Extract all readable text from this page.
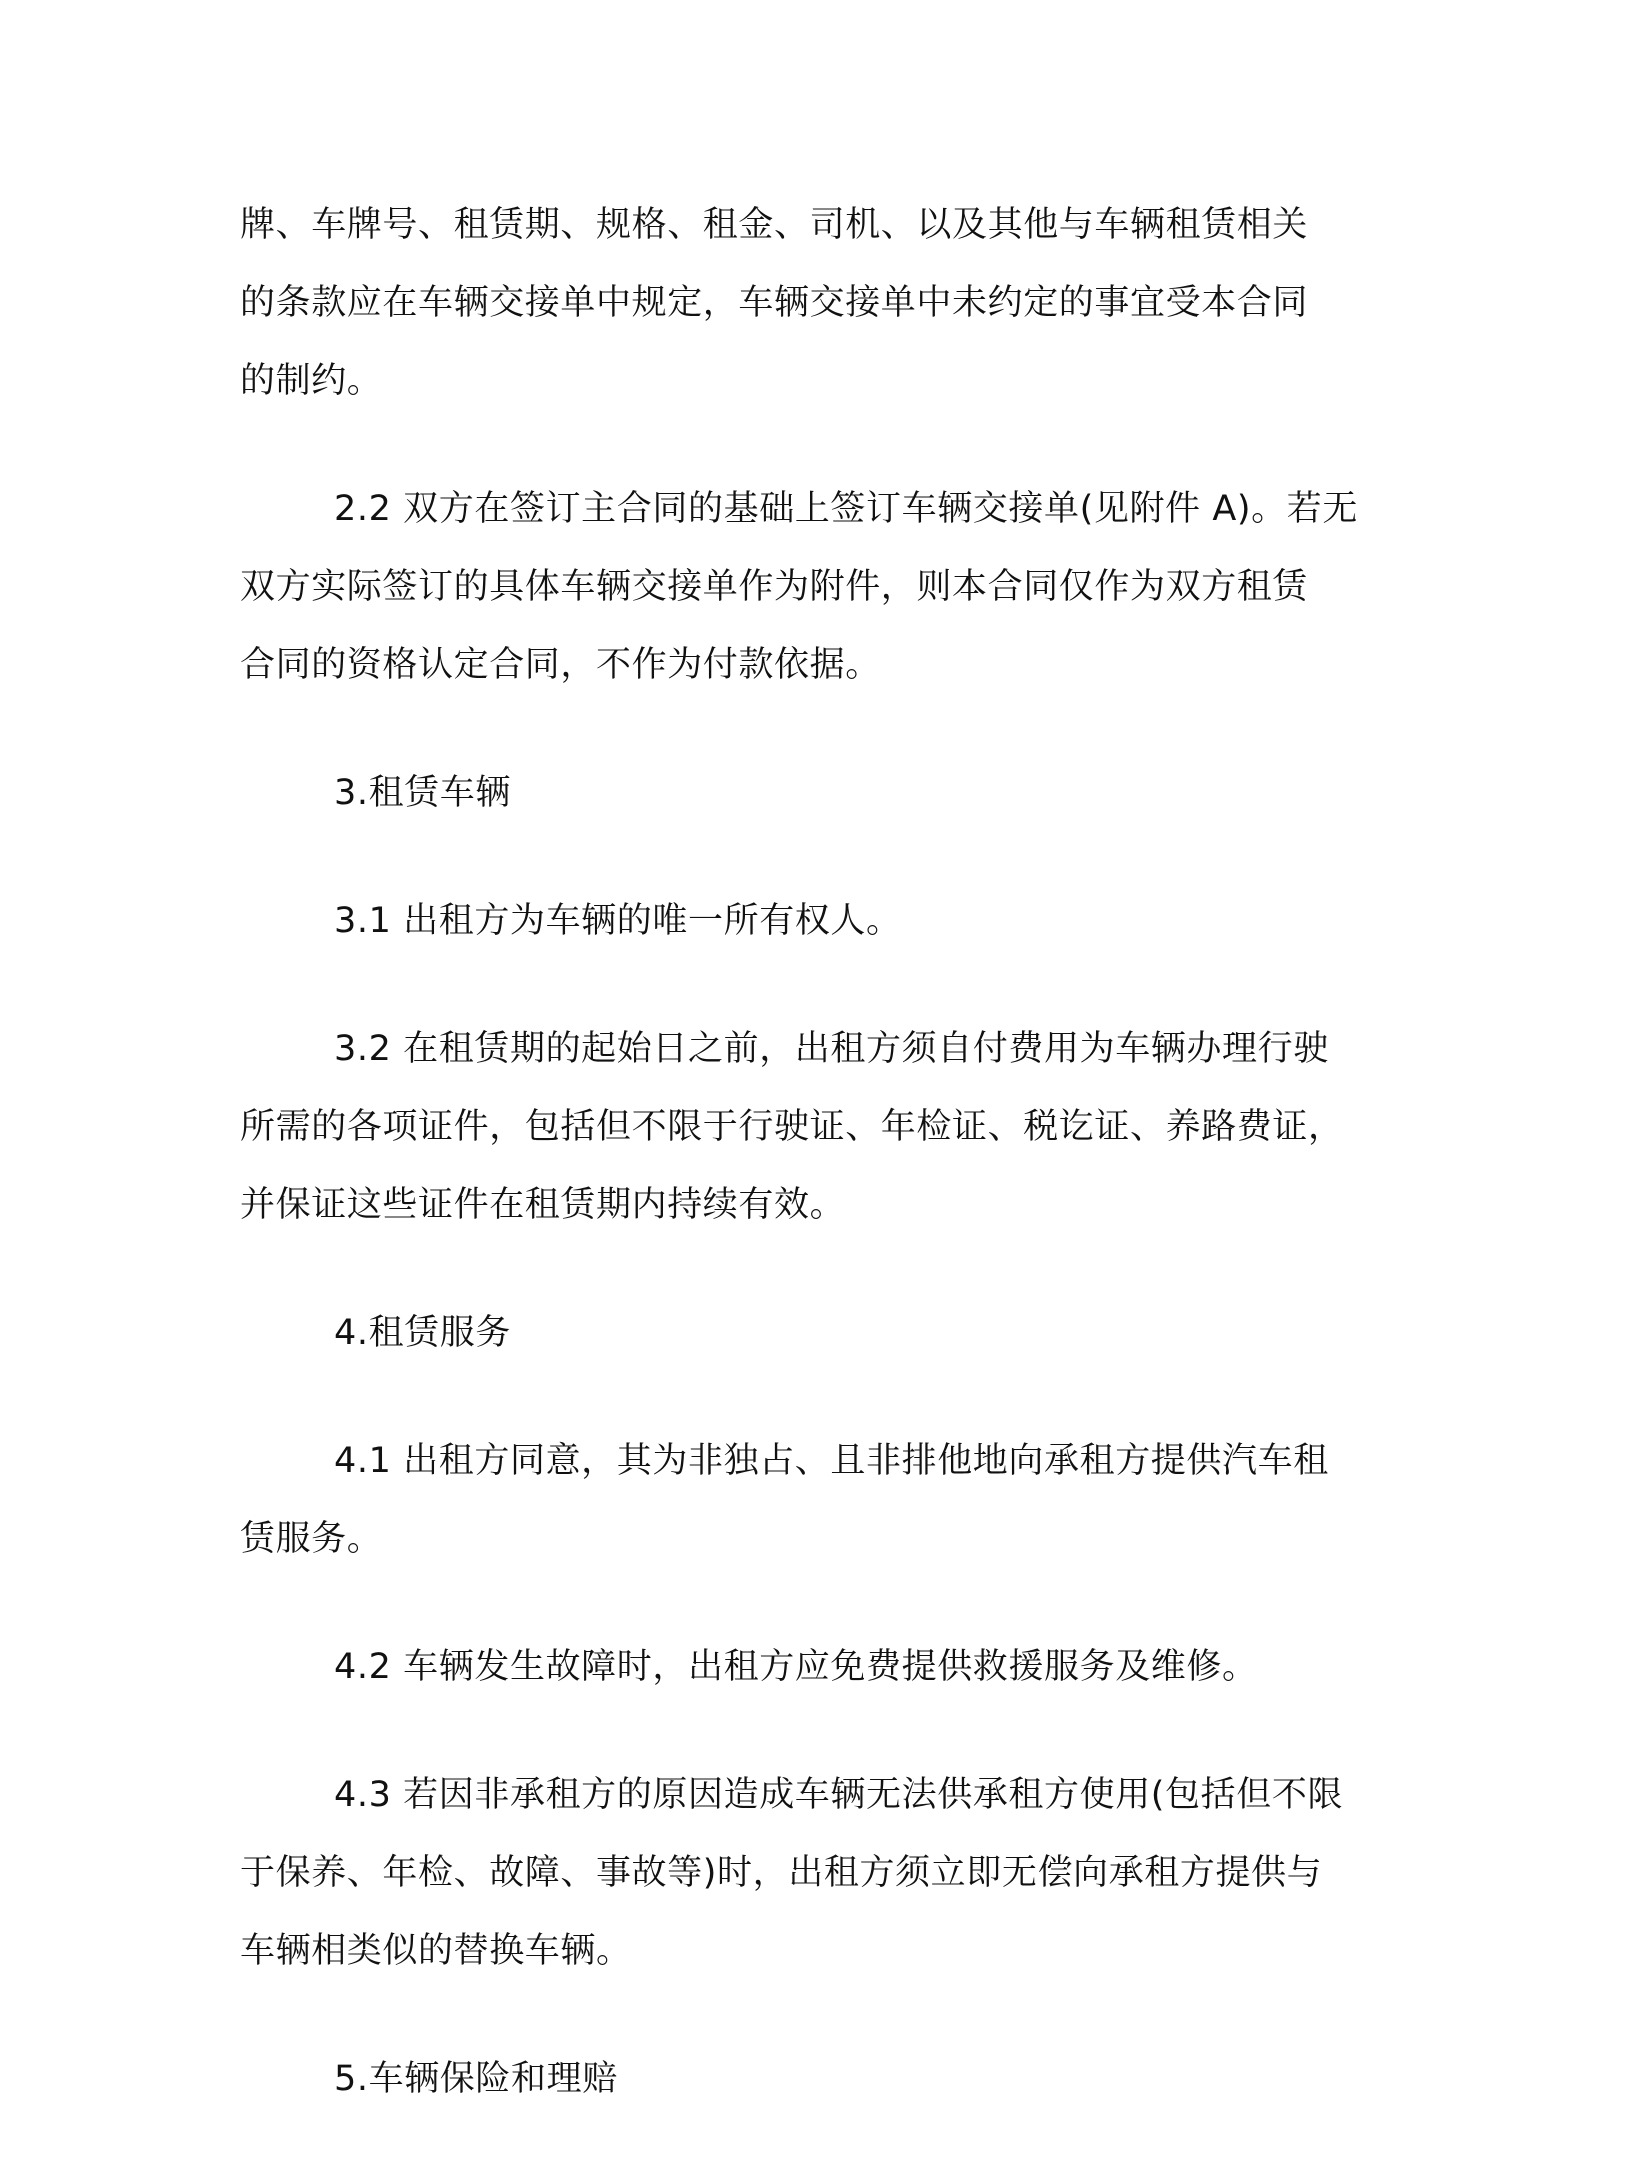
牌、车牌号、租赁期、规格、租金、司机、以及其他与车辆租赁相关
的条款应在车辆交接单中规定，车辆交接单中未约定的事宜受本合同
的制约。

2.2 双方在签订主合同的基础上签订车辆交接单(见附件 A)。若无
双方实际签订的具体车辆交接单作为附件，则本合同仅作为双方租赁
合同的资格认定合同，不作为付款依据。

3.租赁车辆

3.1 出租方为车辆的唯一所有权人。

3.2 在租赁期的起始日之前，出租方须自付费用为车辆办理行驶
所需的各项证件，包括但不限于行驶证、年检证、税讫证、养路费证，
并保证这些证件在租赁期内持续有效。

4.租赁服务

4.1 出租方同意，其为非独占、且非排他地向承租方提供汽车租
赁服务。

4.2 车辆发生故障时，出租方应免费提供救援服务及维修。

4.3 若因非承租方的原因造成车辆无法供承租方使用(包括但不限
于保养、年检、故障、事故等)时，出租方须立即无偿向承租方提供与
车辆相类似的替换车辆。

5.车辆保险和理赔
